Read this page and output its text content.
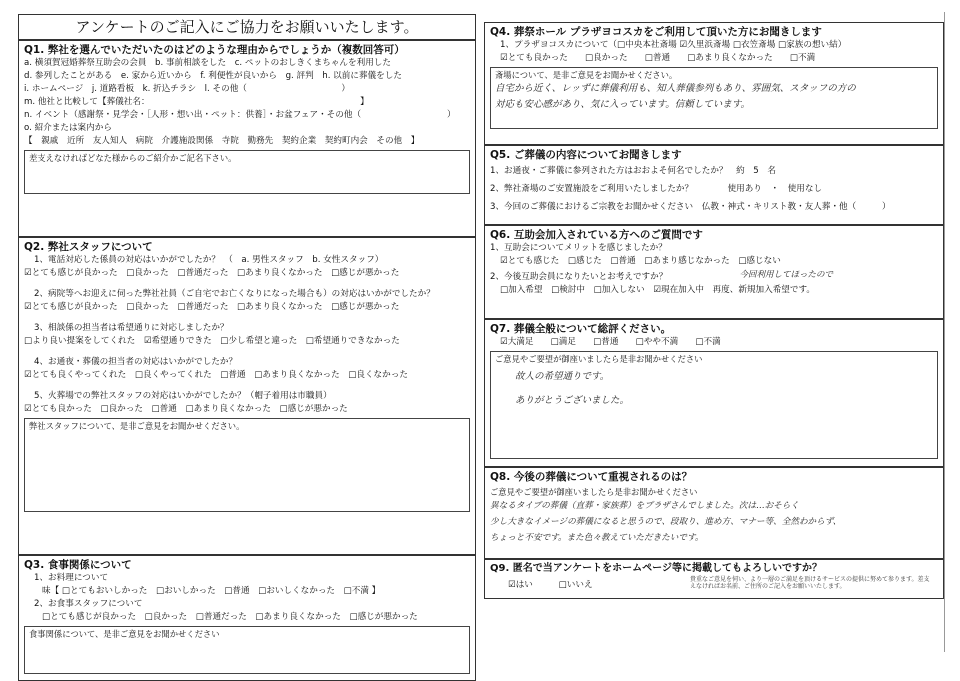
アンケートのご記入にご協力をお願いいたします。
Q1. 弊社を選んでいただいたのはどのような理由からでしょうか（複数回答可）
a. 横須賀冠婚葬祭互助会の会員　b. 事前相談をした　c. ペットのおしきくまちゃんを利用した
d. 参列したことがある　e. 家から近いから　f. 利便性が良いから　g. 評判　h. 以前に葬儀をした
i. ホームページ　j. 道路看板　k. 折込チラシ　l. その他（　　　　　　　　　　　）
m. 他社と比較して【葬儀社名：　　　　　　　　　　　　　　　　　　　　　　　　　】
n. イベント（感謝祭・見学会・［人形・想い出・ペット：供養］・お盆フェア・その他（　　　　　　　　　　）
o. 紹介または案内から
【　親戚　近所　友人知人　病院　介護施設関係　寺院　勤務先　契約企業　契約町内会　その他　】
差支えなければどなた様からのご紹介かご記名下さい。
Q2. 弊社スタッフについて
1、電話対応した係員の対応はいかがでしたか？　（　a. 男性スタッフ　b. 女性スタッフ）
☑とても感じが良かった　□良かった　□普通だった　□あまり良くなかった　□感じが悪かった
2、病院等へお迎えに伺った弊社社員（ご自宅でお亡くなりになった場合も）の対応はいかがでしたか？
☑とても感じが良かった　□良かった　□普通だった　□あまり良くなかった　□感じが悪かった
3、相談係の担当者は希望通りに対応しましたか？
□より良い提案をしてくれた　☑希望通りできた　□少し希望と違った　□希望通りできなかった
4、お通夜・葬儀の担当者の対応はいかがでしたか？
☑とても良くやってくれた　□良くやってくれた　□普通　□あまり良くなかった　□良くなかった
5、火葬場での弊社スタッフの対応はいかがでしたか？（帽子着用は市職員）
☑とても良かった　□良かった　□普通　□あまり良くなかった　□感じが悪かった
弊社スタッフについて、是非ご意見をお聞かせください。
Q3. 食事関係について
1、お料理について
味【 □とてもおいしかった　□おいしかった　□普通　□おいしくなかった　□不満 】
2、お食事スタッフについて
□とても感じが良かった　□良かった　□普通だった　□あまり良くなかった　□感じが悪かった
食事関係について、是非ご意見をお聞かせください
Q4. 葬祭ホール プラザヨコスカをご利用して頂いた方にお聞きします
1、プラザヨコスカについて（□中央本社斎場 ☑久里浜斎場 □衣笠斎場 □家族の想い結）
☑とても良かった　　□良かった　　□普通　　□あまり良くなかった　　□不満
斎場について、是非ご意見をお聞かせください。
自宅から近く、レッずに葬儀利用も、知人葬儀参列もあり、雰囲気、スタッフの方の
対応も安心感があり、気に入っています。信頼しています。
Q5. ご葬儀の内容についてお聞きします
1、お通夜・ご葬儀に参列された方はおおよそ何名でしたか？　約　5　名
2、弊社斎場のご安置施設をご利用いたしましたか？　　　　使用あり　・　使用なし
3、今回のご葬儀におけるご宗教をお聞かせください　仏教・神式・キリスト教・友人葬・他（　　　）
Q6. 互助会加入されている方へのご質問です
1、互助会についてメリットを感じましたか？
☑とても感じた　□感じた　□普通　□あまり感じなかった　□感じない
2、今後互助会員になりたいとお考えですか？	今回利用してほったので
□加入希望　□検討中　□加入しない　☑現在加入中　再度、新規加入希望です。
Q7. 葬儀全般について総評ください。
☑大満足　　□満足　　□普通　　□やや不満　　□不満
ご意見やご要望が御座いましたら是非お聞かせください
故人の希望通りです。
ありがとうございました。
Q8. 今後の葬儀について重視されるのは？
ご意見やご要望が御座いましたら是非お聞かせください
異なるタイプの葬儀（直葬・家族葬）をプラザさんでしました。次は…おそらく
少し大きなイメージの葬儀になると思うので、段取り、進め方、マナー等、全然わからず、
ちょっと不安です。また色々教えていただきたいです。
Q9. 匿名で当アンケートをホームページ等に掲載してもよろしいですか？
☑はい　　　□いいえ
貴重なご意見を伺い、より一層のご満足を頂けるサービスの提供に努めて参ります。差支えなければお名前、ご住所のご記入をお願いいたします。
